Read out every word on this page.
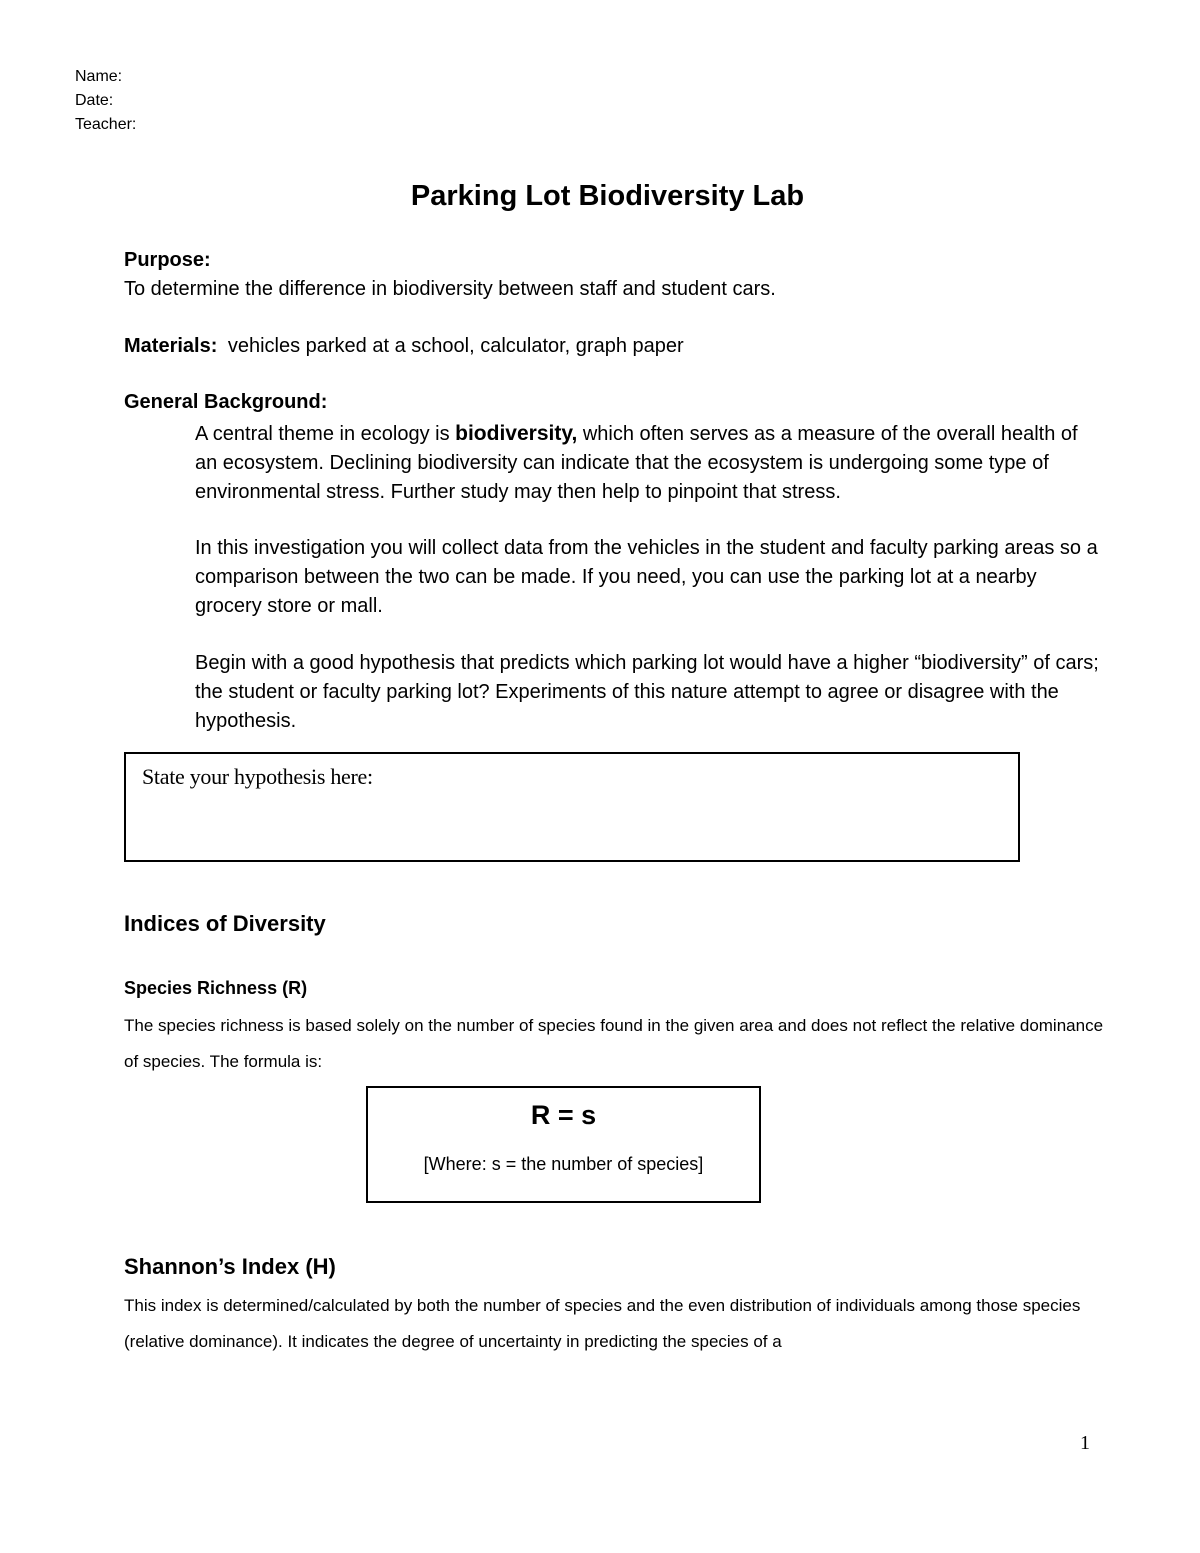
Name:
Date:
Teacher:
Parking Lot Biodiversity Lab
Purpose:
To determine the difference in biodiversity between staff and student cars.
Materials: vehicles parked at a school, calculator, graph paper
General Background:
A central theme in ecology is biodiversity, which often serves as a measure of the overall health of an ecosystem. Declining biodiversity can indicate that the ecosystem is undergoing some type of environmental stress. Further study may then help to pinpoint that stress.
In this investigation you will collect data from the vehicles in the student and faculty parking areas so a comparison between the two can be made. If you need, you can use the parking lot at a nearby grocery store or mall.
Begin with a good hypothesis that predicts which parking lot would have a higher “biodiversity” of cars; the student or faculty parking lot? Experiments of this nature attempt to agree or disagree with the hypothesis.
State your hypothesis here:
Indices of Diversity
Species Richness (R)
The species richness is based solely on the number of species found in the given area and does not reflect the relative dominance of species. The formula is:
R = s
[Where: s = the number of species]
Shannon’s Index (H)
This index is determined/calculated by both the number of species and the even distribution of individuals among those species (relative dominance). It indicates the degree of uncertainty in predicting the species of a
1
